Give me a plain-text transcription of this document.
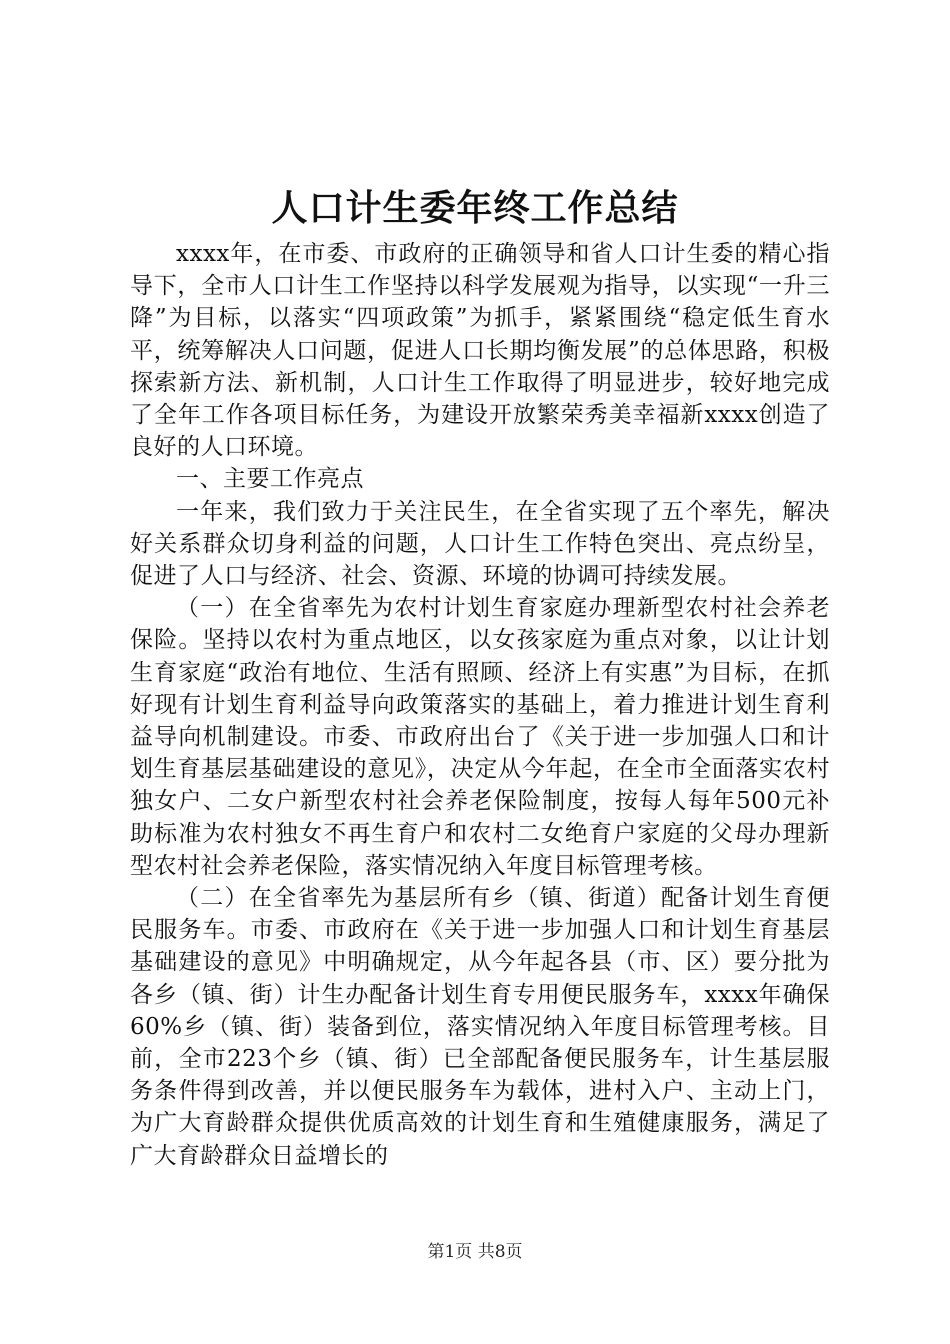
人口计生委年终工作总结

xxxx年，在市委、市政府的正确领导和省人口计生委的精心指导下，全市人口计生工作坚持以科学发展观为指导，以实现“一升三降”为目标，以落实“四项政策”为抓手，紧紧围绕“稳定低生育水平，统筹解决人口问题，促进人口长期均衡发展”的总体思路，积极探索新方法、新机制，人口计生工作取得了明显进步，较好地完成了全年工作各项目标任务，为建设开放繁荣秀美幸福新xxxx创造了良好的人口环境。

一、主要工作亮点

一年来，我们致力于关注民生，在全省实现了五个率先，解决好关系群众切身利益的问题，人口计生工作特色突出、亮点纷呈，促进了人口与经济、社会、资源、环境的协调可持续发展。

（一）在全省率先为农村计划生育家庭办理新型农村社会养老保险。坚持以农村为重点地区，以女孩家庭为重点对象，以让计划生育家庭“政治有地位、生活有照顾、经济上有实惠”为目标，在抓好现有计划生育利益导向政策落实的基础上，着力推进计划生育利益导向机制建设。市委、市政府出台了《关于进一步加强人口和计划生育基层基础建设的意见》，决定从今年起，在全市全面落实农村独女户、二女户新型农村社会养老保险制度，按每人每年500元补助标准为农村独女不再生育户和农村二女绝育户家庭的父母办理新型农村社会养老保险，落实情况纳入年度目标管理考核。

（二）在全省率先为基层所有乡（镇、街道）配备计划生育便民服务车。市委、市政府在《关于进一步加强人口和计划生育基层基础建设的意见》中明确规定，从今年起各县（市、区）要分批为各乡（镇、街）计生办配备计划生育专用便民服务车，xxxx年确保60%乡（镇、街）装备到位，落实情况纳入年度目标管理考核。目前，全市223个乡（镇、街）已全部配备便民服务车，计生基层服务条件得到改善，并以便民服务车为载体，进村入户、主动上门，为广大育龄群众提供优质高效的计划生育和生殖健康服务，满足了广大育龄群众日益增长的

第1页 共8页
